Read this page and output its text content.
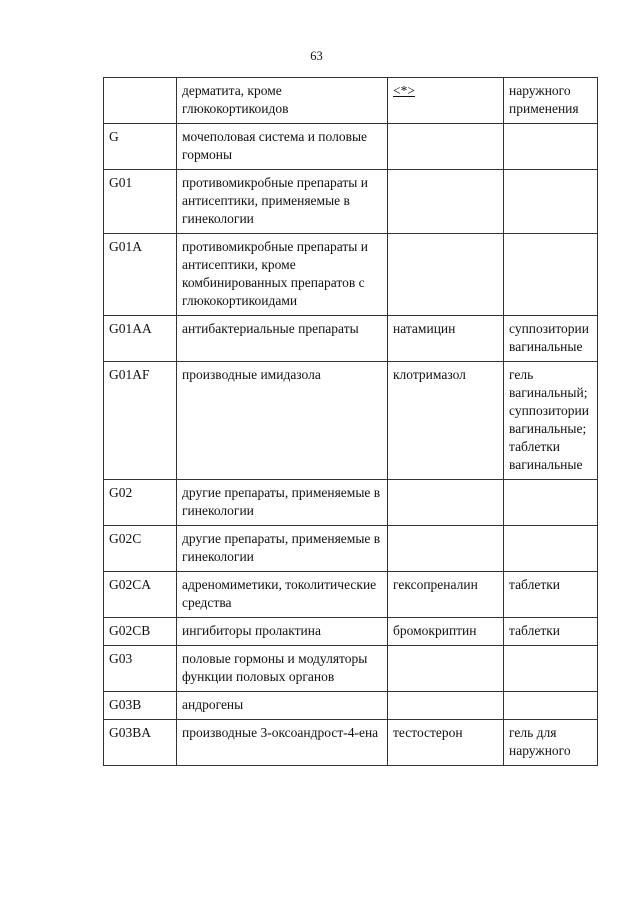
63
	дерматита, кроме глюкокортикоидов	<*>	наружного применения
G	мочеполовая система и половые гормоны		
G01	противомикробные препараты и антисептики, применяемые в гинекологии		
G01A	противомикробные препараты и антисептики, кроме комбинированных препаратов с глюкокортикоидами		
G01AA	антибактериальные препараты	натамицин	суппозитории вагинальные
G01AF	производные имидазола	клотримазол	гель вагинальный; суппозитории вагинальные; таблетки вагинальные
G02	другие препараты, применяемые в гинекологии		
G02C	другие препараты, применяемые в гинекологии		
G02CA	адреномиметики, токолитические средства	гексопреналин	таблетки
G02CB	ингибиторы пролактина	бромокриптин	таблетки
G03	половые гормоны и модуляторы функции половых органов		
G03B	андрогены		
G03BA	производные 3-оксоандрост-4-ена	тестостерон	гель для наружного
